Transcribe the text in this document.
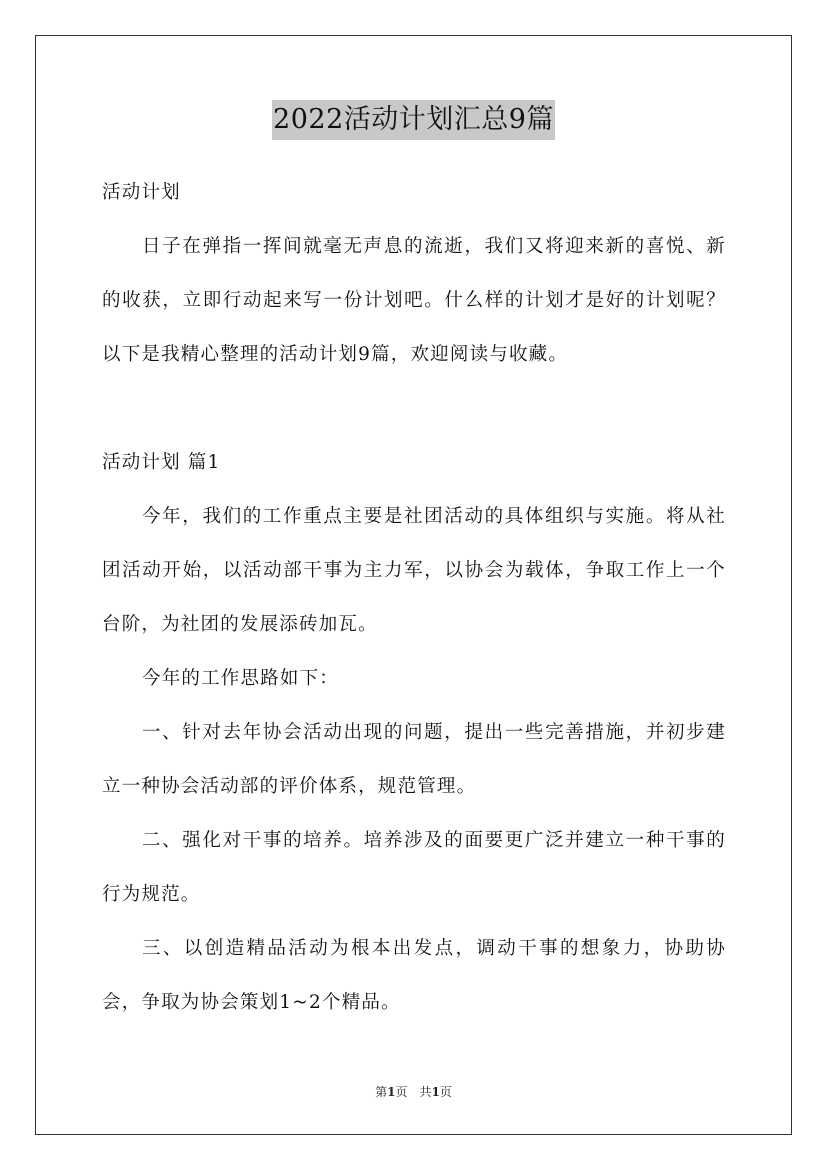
2022活动计划汇总9篇

活动计划

日子在弹指一挥间就毫无声息的流逝，我们又将迎来新的喜悦、新的收获，立即行动起来写一份计划吧。什么样的计划才是好的计划呢？以下是我精心整理的活动计划9篇，欢迎阅读与收藏。

活动计划 篇1

今年，我们的工作重点主要是社团活动的具体组织与实施。将从社团活动开始，以活动部干事为主力军，以协会为载体，争取工作上一个台阶，为社团的发展添砖加瓦。

今年的工作思路如下：

一、针对去年协会活动出现的问题，提出一些完善措施，并初步建立一种协会活动部的评价体系，规范管理。

二、强化对干事的培养。培养涉及的面要更广泛并建立一种干事的行为规范。

三、以创造精品活动为根本出发点，调动干事的想象力，协助协会，争取为协会策划1~2个精品。

第1页　共1页
